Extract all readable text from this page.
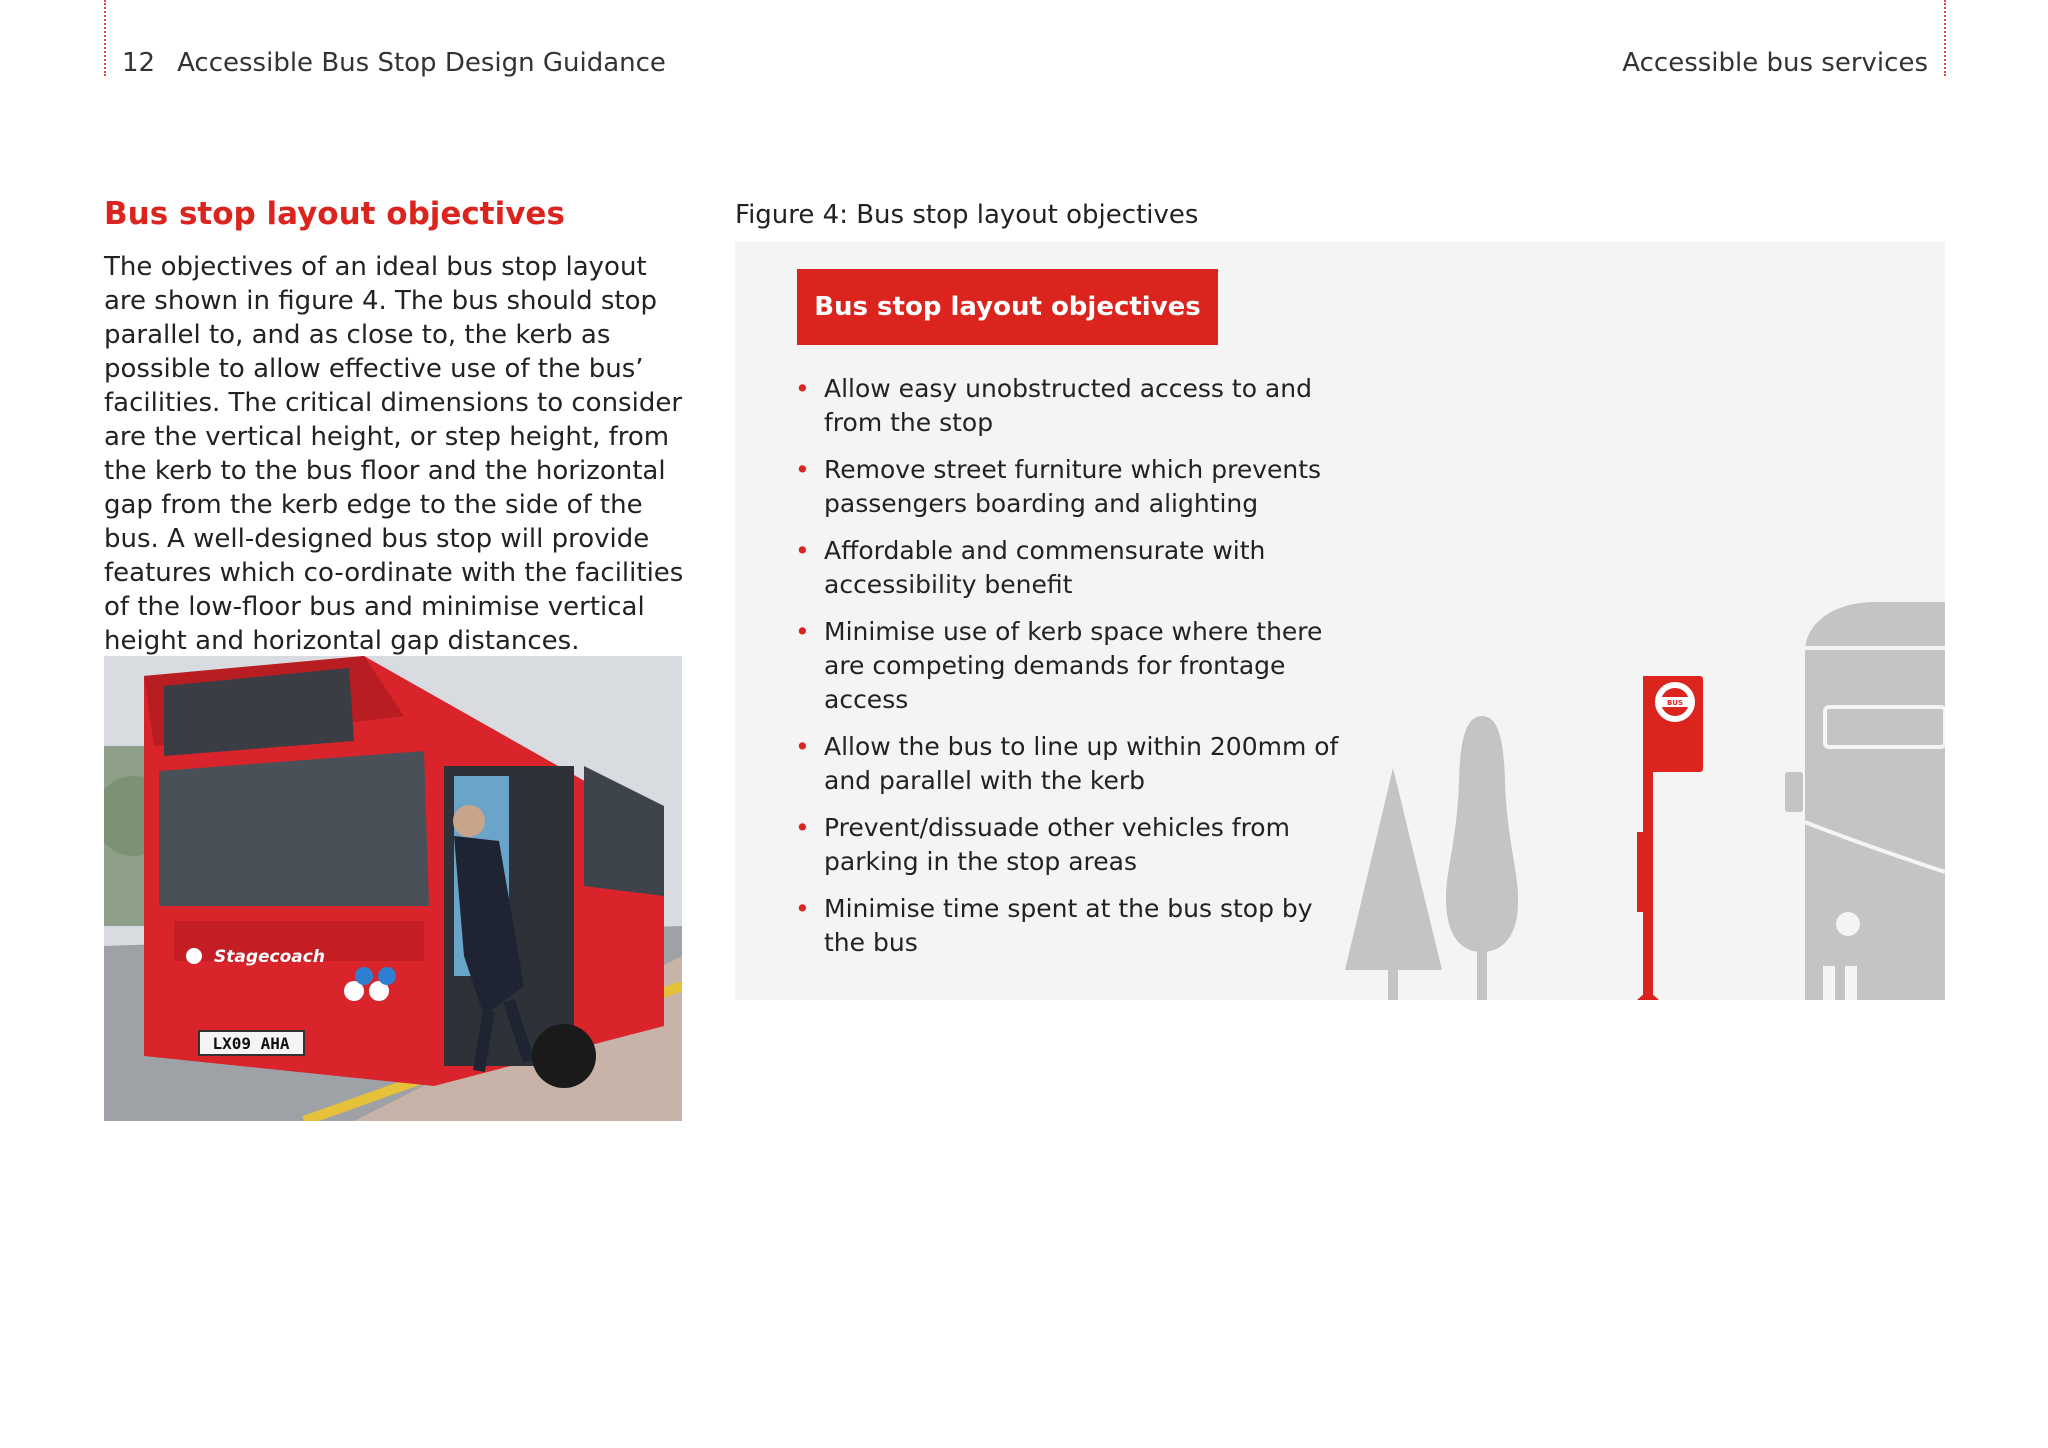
12 Accessible Bus Stop Design Guidance	Accessible bus services
Bus stop layout objectives
The objectives of an ideal bus stop layout are shown in figure 4. The bus should stop parallel to, and as close to, the kerb as possible to allow effective use of the bus’ facilities. The critical dimensions to consider are the vertical height, or step height, from the kerb to the bus floor and the horizontal gap from the kerb edge to the side of the bus. A well-designed bus stop will provide features which co-ordinate with the facilities of the low-floor bus and minimise vertical height and horizontal gap distances.
LX09 AHA
Stagecoach
Figure 4: Bus stop layout objectives
Bus stop layout objectives
• Allow easy unobstructed access to and from the stop
• Remove street furniture which prevents passengers boarding and alighting
• Affordable and commensurate with accessibility benefit
• Minimise use of kerb space where there are competing demands for frontage access
• Allow the bus to line up within 200mm of and parallel with the kerb
• Prevent/dissuade other vehicles from parking in the stop areas
• Minimise time spent at the bus stop by the bus
BUS
